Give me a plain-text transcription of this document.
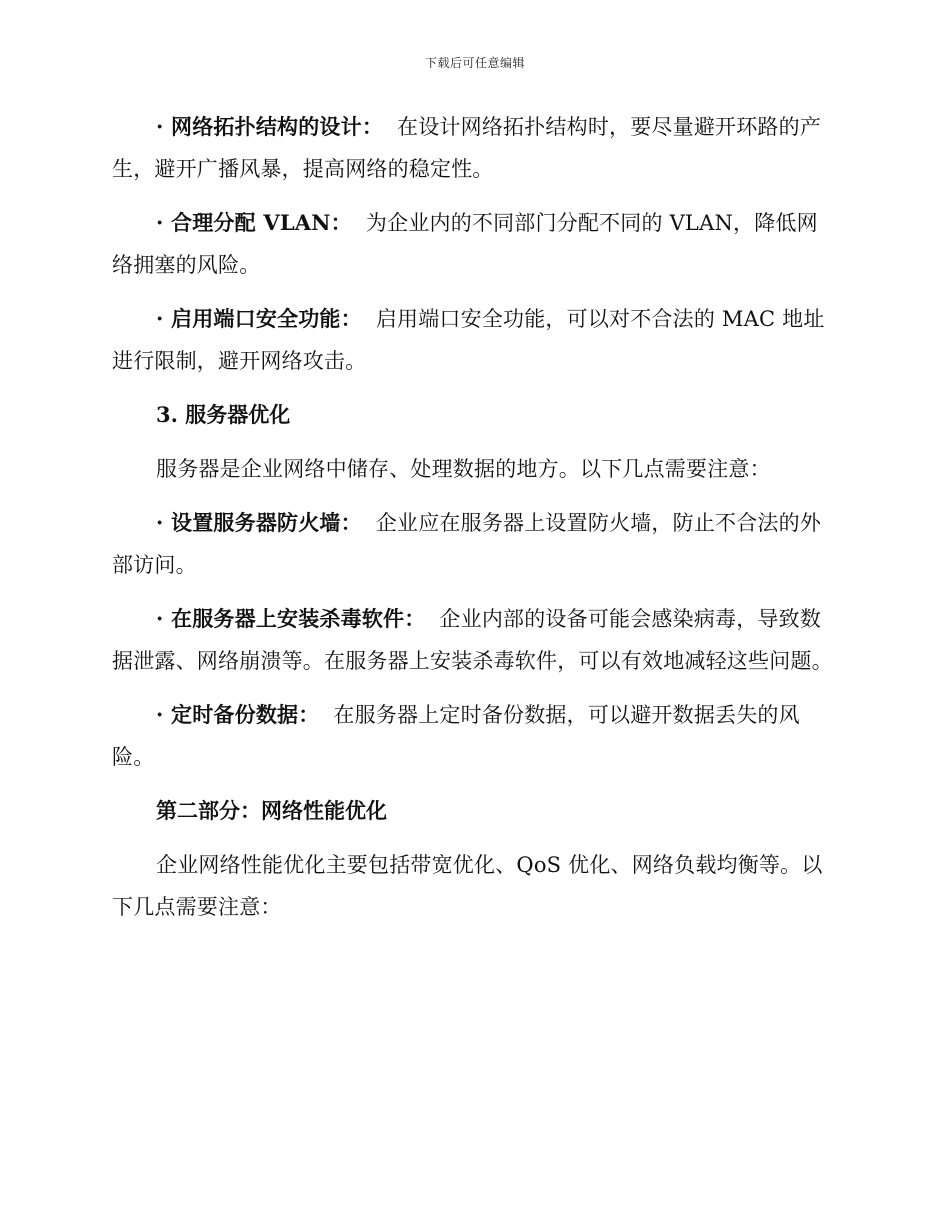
下载后可任意编辑

· 网络拓扑结构的设计： 在设计网络拓扑结构时，要尽量避开环路的产生，避开广播风暴，提高网络的稳定性。

· 合理分配 VLAN： 为企业内的不同部门分配不同的 VLAN，降低网络拥塞的风险。

· 启用端口安全功能： 启用端口安全功能，可以对不合法的 MAC 地址进行限制，避开网络攻击。

3. 服务器优化

服务器是企业网络中储存、处理数据的地方。以下几点需要注意：

· 设置服务器防火墙： 企业应在服务器上设置防火墙，防止不合法的外部访问。

· 在服务器上安装杀毒软件： 企业内部的设备可能会感染病毒，导致数据泄露、网络崩溃等。在服务器上安装杀毒软件，可以有效地减轻这些问题。

· 定时备份数据： 在服务器上定时备份数据，可以避开数据丢失的风险。

第二部分：网络性能优化

企业网络性能优化主要包括带宽优化、QoS 优化、网络负载均衡等。以下几点需要注意：
